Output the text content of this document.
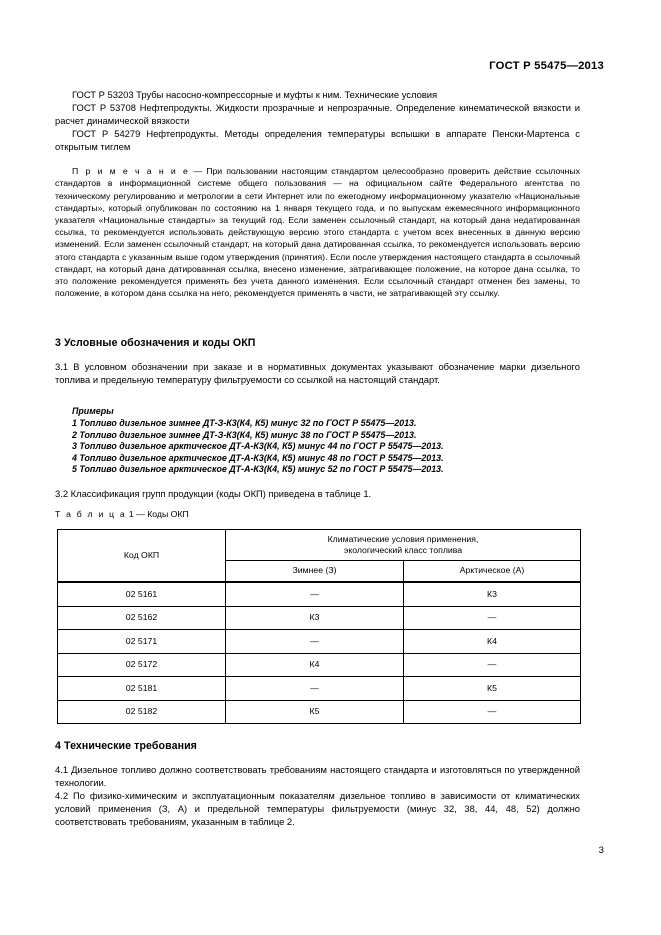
ГОСТ Р 55475—2013

ГОСТ Р 53203 Трубы насосно-компрессорные и муфты к ним. Технические условия

ГОСТ Р 53708 Нефтепродукты. Жидкости прозрачные и непрозрачные. Определение кинематической вязкости и расчет динамической вязкости

ГОСТ Р 54279 Нефтепродукты. Методы определения температуры вспышки в аппарате Пенски-Мартенса с открытым тиглем

П р и м е ч а н и е — При пользовании настоящим стандартом целесообразно проверить действие ссылочных стандартов в информационной системе общего пользования — на официальном сайте Федерального агентства по техническому регулированию и метрологии в сети Интернет или по ежегодному информационному указателю «Национальные стандарты», который опубликован по состоянию на 1 января текущего года, и по выпускам ежемесячного информационного указателя «Национальные стандарты» за текущий год. Если заменен ссылочный стандарт, на который дана недатированная ссылка, то рекомендуется использовать действующую версию этого стандарта с учетом всех внесенных в данную версию изменений. Если заменен ссылочный стандарт, на который дана датированная ссылка, то рекомендуется использовать версию этого стандарта с указанным выше годом утверждения (принятия). Если после утверждения настоящего стандарта в ссылочный стандарт, на который дана датированная ссылка, внесено изменение, затрагивающее положение, на которое дана ссылка, то это положение рекомендуется применять без учета данного изменения. Если ссылочный стандарт отменен без замены, то положение, в котором дана ссылка на него, рекомендуется применять в части, не затрагивающей эту ссылку.

3 Условные обозначения и коды ОКП

3.1 В условном обозначении при заказе и в нормативных документах указывают обозначение марки дизельного топлива и предельную температуру фильтруемости со ссылкой на настоящий стандарт.

Примеры
1 Топливо дизельное зимнее ДТ-З-К3(К4, К5) минус 32 по ГОСТ Р 55475—2013.
2 Топливо дизельное зимнее ДТ-З-К3(К4, К5) минус 38 по ГОСТ Р 55475—2013.
3 Топливо дизельное арктическое ДТ-А-К3(К4, К5) минус 44 по ГОСТ Р 55475—2013.
4 Топливо дизельное арктическое ДТ-А-К3(К4, К5) минус 48 по ГОСТ Р 55475—2013.
5 Топливо дизельное арктическое ДТ-А-К3(К4, К5) минус 52 по ГОСТ Р 55475—2013.

3.2 Классификация групп продукции (коды ОКП) приведена в таблице 1.

Т а б л и ц а 1 — Коды ОКП
Код ОКП	Климатические условия применения,
экологический класс топлива	

	Зимнее (З)	Арктическое (А)
02 5161	—	К3
02 5162	К3	—
02 5171	—	К4
02 5172	К4	—
02 5181	—	К5
02 5182	К5	—
4 Технические требования

4.1 Дизельное топливо должно соответствовать требованиям настоящего стандарта и изготовляться по утвержденной технологии.

4.2 По физико-химическим и эксплуатационным показателям дизельное топливо в зависимости от климатических условий применения (З, А) и предельной температуры фильтруемости (минус 32, 38, 44, 48, 52) должно соответствовать требованиям, указанным в таблице 2.

3
